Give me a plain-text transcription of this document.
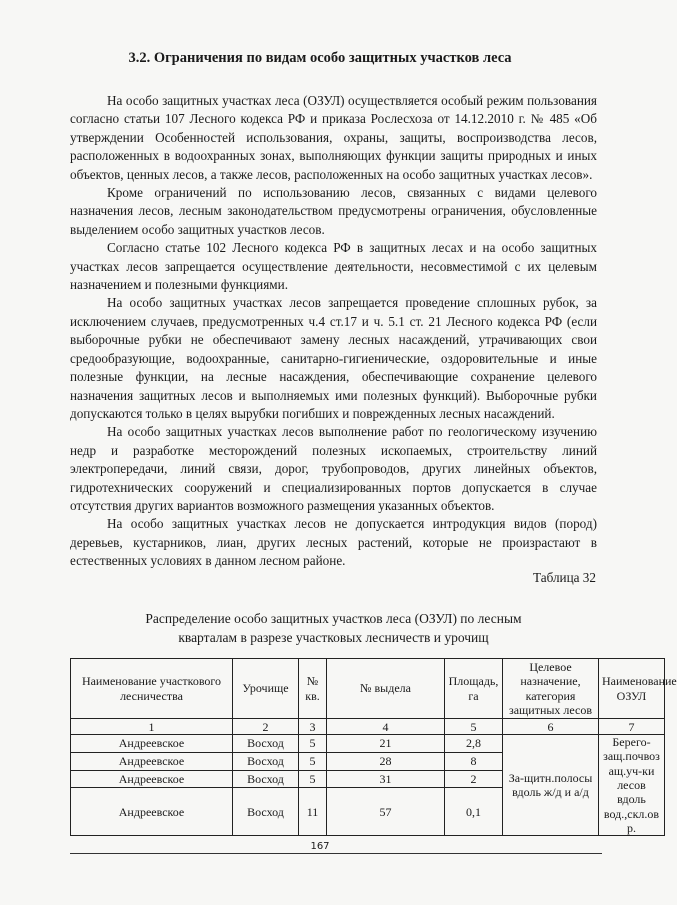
3.2. Ограничения по видам особо защитных участков леса

На особо защитных участках леса (ОЗУЛ) осуществляется особый режим пользования согласно статьи 107 Лесного кодекса РФ и приказа Рослесхоза от 14.12.2010 г. № 485 «Об утверждении Особенностей использования, охраны, защиты, воспроизводства лесов, расположенных в водоохранных зонах, выполняющих функции защиты природных и иных объектов, ценных лесов, а также лесов, расположенных на особо защитных участках лесов».

Кроме ограничений по использованию лесов, связанных с видами целевого назначения лесов, лесным законодательством предусмотрены ограничения, обусловленные выделением особо защитных участков лесов.

Согласно статье 102 Лесного кодекса РФ в защитных лесах и на особо защитных участках лесов запрещается осуществление деятельности, несовместимой с их целевым назначением и полезными функциями.

На особо защитных участках лесов запрещается проведение сплошных рубок, за исключением случаев, предусмотренных ч.4 ст.17 и ч. 5.1 ст. 21 Лесного кодекса РФ (если выборочные рубки не обеспечивают замену лесных насаждений, утрачивающих свои средообразующие, водоохранные, санитарно-гигиенические, оздоровительные и иные полезные функции, на лесные насаждения, обеспечивающие сохранение целевого назначения защитных лесов и выполняемых ими полезных функций). Выборочные рубки допускаются только в целях вырубки погибших и поврежденных лесных насаждений.

На особо защитных участках лесов выполнение работ по геологическому изучению недр и разработке месторождений полезных ископаемых, строительству линий электропередачи, линий связи, дорог, трубопроводов, других линейных объектов, гидротехнических сооружений и специализированных портов допускается в случае отсутствия других вариантов возможного размещения указанных объектов.

На особо защитных участках лесов не допускается интродукция видов (пород) деревьев, кустарников, лиан, других лесных растений, которые не произрастают в естественных условиях в данном лесном районе.

Таблица 32
Распределение особо защитных участков леса (ОЗУЛ) по лесным
кварталам в разрезе участковых лесничеств и урочищ
Наименование участкового лесничества	Урочище	№ кв.	№ выдела	Площадь, га	Целевое назначение, категория защитных лесов	Наименование ОЗУЛ
1	2	3	4	5	6	7
Андреевское	Восход	5	21	2,8	За-щитн.полосы вдоль ж/д и а/д	Берего-защ.почвоз ащ.уч-ки лесов вдоль вод.,скл.ов р.
Андреевское	Восход	5	28	8		
Андреевское	Восход	5	31	2		
Андреевское	Восход	11	57	0,1		
167
